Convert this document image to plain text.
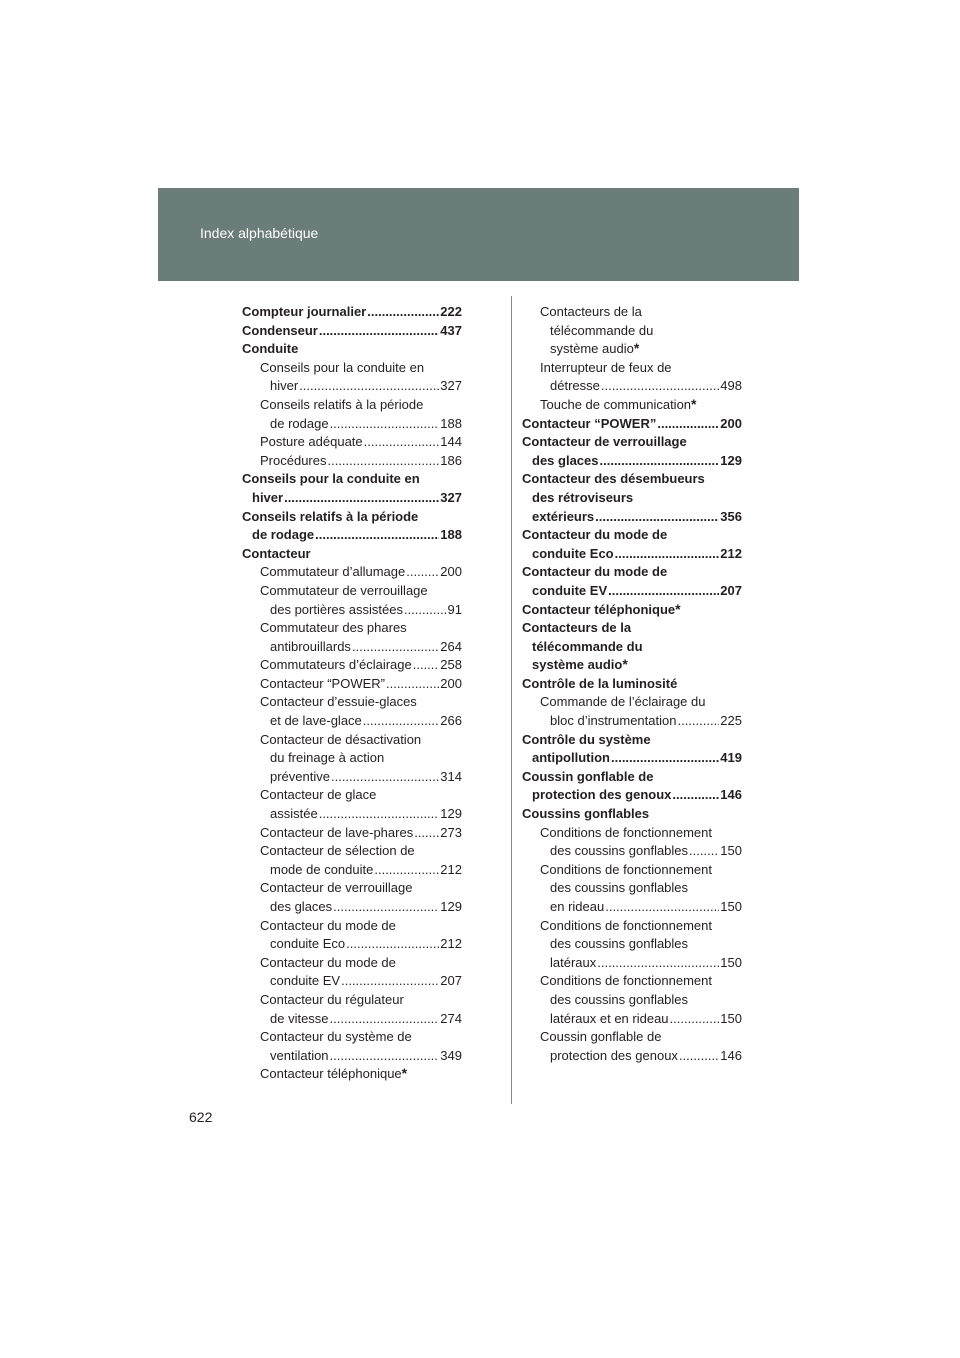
Index alphabétique
Compteur journalier .....	222
Condenseur .....	437
Conduite
Conseils pour la conduite en
hiver .....	327
Conseils relatifs à la période
de rodage .....	188
Posture adéquate .....	144
Procédures .....	186
Conseils pour la conduite en
hiver .....	327
Conseils relatifs à la période
de rodage .....	188
Contacteur
Commutateur d’allumage .....	200
Commutateur de verrouillage
des portières assistées .....	91
Commutateur des phares
antibrouillards .....	264
Commutateurs d’éclairage ..... 258
Contacteur “POWER” .....	200
Contacteur d’essuie-glaces
et de lave-glace .....	266
Contacteur de désactivation
du freinage à action
préventive .....	314
Contacteur de glace
assistée .....	129
Contacteur de lave-phares ..... 273
Contacteur de sélection de
mode de conduite .....	212
Contacteur de verrouillage
des glaces .....	129
Contacteur du mode de
conduite Eco .....	212
Contacteur du mode de
conduite EV .....	207
Contacteur du régulateur
de vitesse .....	274
Contacteur du système de
ventilation .....	349
Contacteur téléphonique *
Contacteurs de la
télécommande du
système audio *
Interrupteur de feux de
détresse .....	498
Touche de communication *
Contacteur “POWER” .....	200
Contacteur de verrouillage
des glaces .....	129
Contacteur des désembueurs
des rétroviseurs
extérieurs .....	356
Contacteur du mode de
conduite Eco .....	212
Contacteur du mode de
conduite EV .....	207
Contacteur téléphonique *
Contacteurs de la
télécommande du
système audio *
Contrôle de la luminosité
Commande de l’éclairage du
bloc d’instrumentation .....	225
Contrôle du système
antipollution .....	419
Coussin gonflable de
protection des genoux .....	146
Coussins gonflables
Conditions de fonctionnement
des coussins gonflables ..... 150
Conditions de fonctionnement
des coussins gonflables
en rideau .....	150
Conditions de fonctionnement
des coussins gonflables
latéraux .....	150
Conditions de fonctionnement
des coussins gonflables
latéraux et en rideau .....	150
Coussin gonflable de
protection des genoux .....	146
622
